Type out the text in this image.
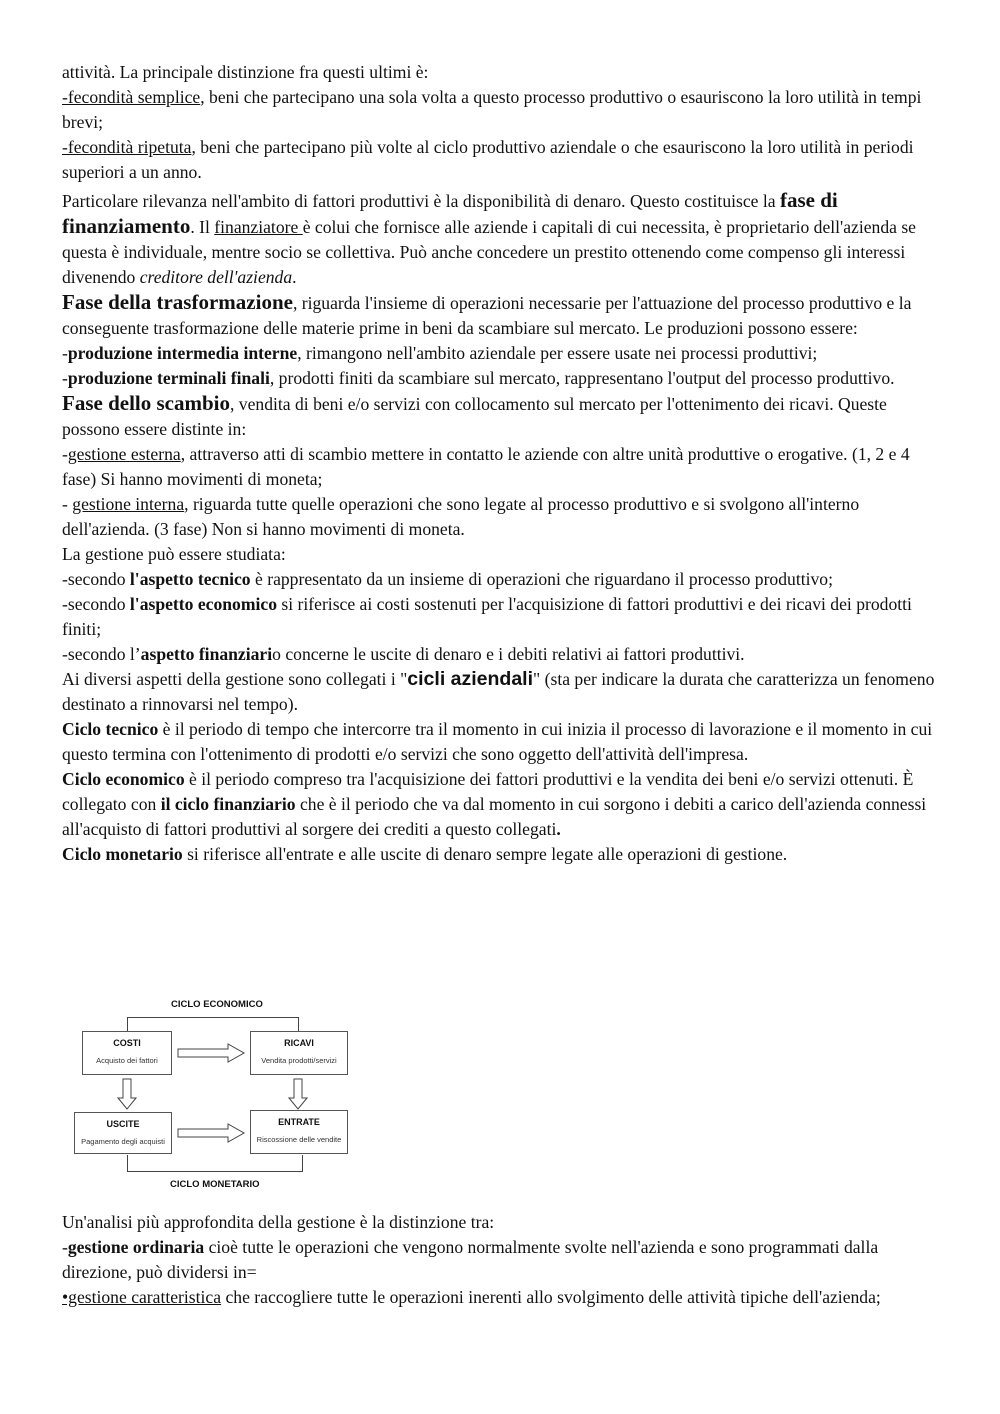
attività. La principale distinzione fra questi ultimi è:

-fecondità semplice, beni che partecipano una sola volta a questo processo produttivo o esauriscono la loro utilità in tempi brevi;

-fecondità ripetuta, beni che partecipano più volte al ciclo produttivo aziendale o che esauriscono la loro utilità in periodi superiori a un anno.

Particolare rilevanza nell'ambito di fattori produttivi è la disponibilità di denaro. Questo costituisce la fase di finanziamento. Il finanziatore è colui che fornisce alle aziende i capitali di cui necessita, è proprietario dell'azienda se questa è individuale, mentre socio se collettiva. Può anche concedere un prestito ottenendo come compenso gli interessi divenendo creditore dell'azienda.

Fase della trasformazione, riguarda l'insieme di operazioni necessarie per l'attuazione del processo produttivo e la conseguente trasformazione delle materie prime in beni da scambiare sul mercato. Le produzioni possono essere:

-produzione intermedia interne, rimangono nell'ambito aziendale per essere usate nei processi produttivi;

-produzione terminali finali, prodotti finiti da scambiare sul mercato, rappresentano l'output del processo produttivo.

Fase dello scambio, vendita di beni e/o servizi con collocamento sul mercato per l'ottenimento dei ricavi. Queste possono essere distinte in:

-gestione esterna, attraverso atti di scambio mettere in contatto le aziende con altre unità produttive o erogative. (1, 2 e 4 fase) Si hanno movimenti di moneta;

- gestione interna, riguarda tutte quelle operazioni che sono legate al processo produttivo e si svolgono all'interno dell'azienda. (3 fase) Non si hanno movimenti di moneta.

La gestione può essere studiata:

-secondo l'aspetto tecnico è rappresentato da un insieme di operazioni che riguardano il processo produttivo;

-secondo l'aspetto economico si riferisce ai costi sostenuti per l'acquisizione di fattori produttivi e dei ricavi dei prodotti finiti;

-secondo l’aspetto finanziario concerne le uscite di denaro e i debiti relativi ai fattori produttivi.

Ai diversi aspetti della gestione sono collegati i "cicli aziendali" (sta per indicare la durata che caratterizza un fenomeno destinato a rinnovarsi nel tempo).

Ciclo tecnico è il periodo di tempo che intercorre tra il momento in cui inizia il processo di lavorazione e il momento in cui questo termina con l'ottenimento di prodotti e/o servizi che sono oggetto dell'attività dell'impresa.

Ciclo economico è il periodo compreso tra l'acquisizione dei fattori produttivi e la vendita dei beni e/o servizi ottenuti. È collegato con il ciclo finanziario che è il periodo che va dal momento in cui sorgono i debiti a carico dell'azienda connessi all'acquisto di fattori produttivi al sorgere dei crediti a questo collegati.

Ciclo monetario si riferisce all'entrate e alle uscite di denaro sempre legate alle operazioni di gestione.

CICLO ECONOMICO
COSTI
Acquisto dei fattori
RICAVI
Vendita prodotti/servizi
USCITE
Pagamento degli acquisti
ENTRATE
Riscossione delle vendite
CICLO MONETARIO

Un'analisi più approfondita della gestione è la distinzione tra:

-gestione ordinaria cioè tutte le operazioni che vengono normalmente svolte nell'azienda e sono programmati dalla direzione, può dividersi in=

•gestione caratteristica che raccogliere tutte le operazioni inerenti allo svolgimento delle attività tipiche dell'azienda;
